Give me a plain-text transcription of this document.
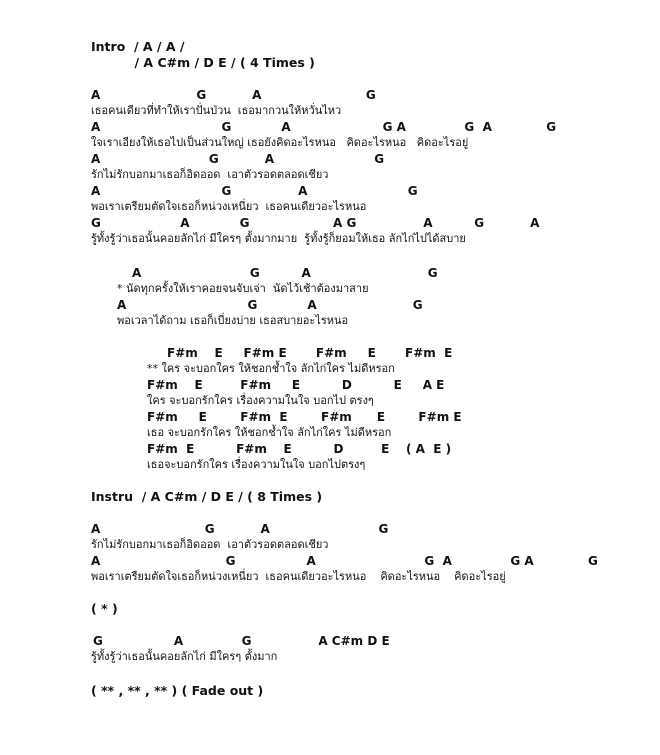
Intro  / A / A /
/ A C#m / D E / ( 4 Times )
A                       G           A                         G
เธอคนเดียวที่ทำให้เราปั่นป่วน  เธอมากวนให้หวั่นไหว
A                             G            A                      G A              G  A             G
ใจเราเอียงให้เธอไปเป็นส่วนใหญ่ เธอยังคิดอะไรหนอ   คิดอะไรหนอ   คิดอะไรอยู่
A                          G           A                        G
รักไม่รักบอกมาเธอก็อิดออด  เอาตัวรอดตลอดเชียว
A                             G                A                        G
พอเราเตรียมตัดใจเธอก็หน่วงเหนี่ยว  เธอคนเดียวอะไรหนอ
G                   A            G                    A G                A          G           A
รู้ทั้งรู้ว่าเธอนั้นคอยลักไก่ มีใครๆ ตั้งมากมาย  รู้ทั้งรู้ก็ยอมให้เธอ ลักไก่ไปได้สบาย
A                          G          A                            G
* นัดทุกครั้งให้เราคอยจนจับเจ่า  นัดไว้เช้าต้องมาสาย
A                             G            A                       G
พอเวลาได้ถาม เธอก็เบี่ยงบ่าย เธอสบายอะไรหนอ
F#m    E     F#m E       F#m     E       F#m  E
** ใคร จะบอกใคร ให้ชอกช้ำใจ ลักไก่ใคร ไม่ดีหรอก
F#m    E         F#m     E          D          E     A E
ใคร จะบอกรักใคร เรื่องความในใจ บอกไป ตรงๆ
F#m     E        F#m  E        F#m      E        F#m E
เธอ จะบอกรักใคร ให้ชอกช้ำใจ ลักไก่ใคร ไม่ดีหรอก
F#m  E          F#m    E          D         E    ( A  E )
เธอจะบอกรักใคร เรื่องความในใจ บอกไปตรงๆ
Instru  / A C#m / D E / ( 8 Times )
A                         G           A                          G
รักไม่รักบอกมาเธอก็อิดออด  เอาตัวรอดตลอดเชียว
A                              G                 A                          G  A              G A             G
พอเราเตรียมตัดใจเธอก็หน่วงเหนี่ยว  เธอคนเดียวอะไรหนอ    คิดอะไรหนอ    คิดอะไรอยู่
( * )
G                 A              G                A C#m D E
รู้ทั้งรู้ว่าเธอนั้นคอยลักไก่ มีใครๆ ตั้งมาก
( ** , ** , ** ) ( Fade out )
